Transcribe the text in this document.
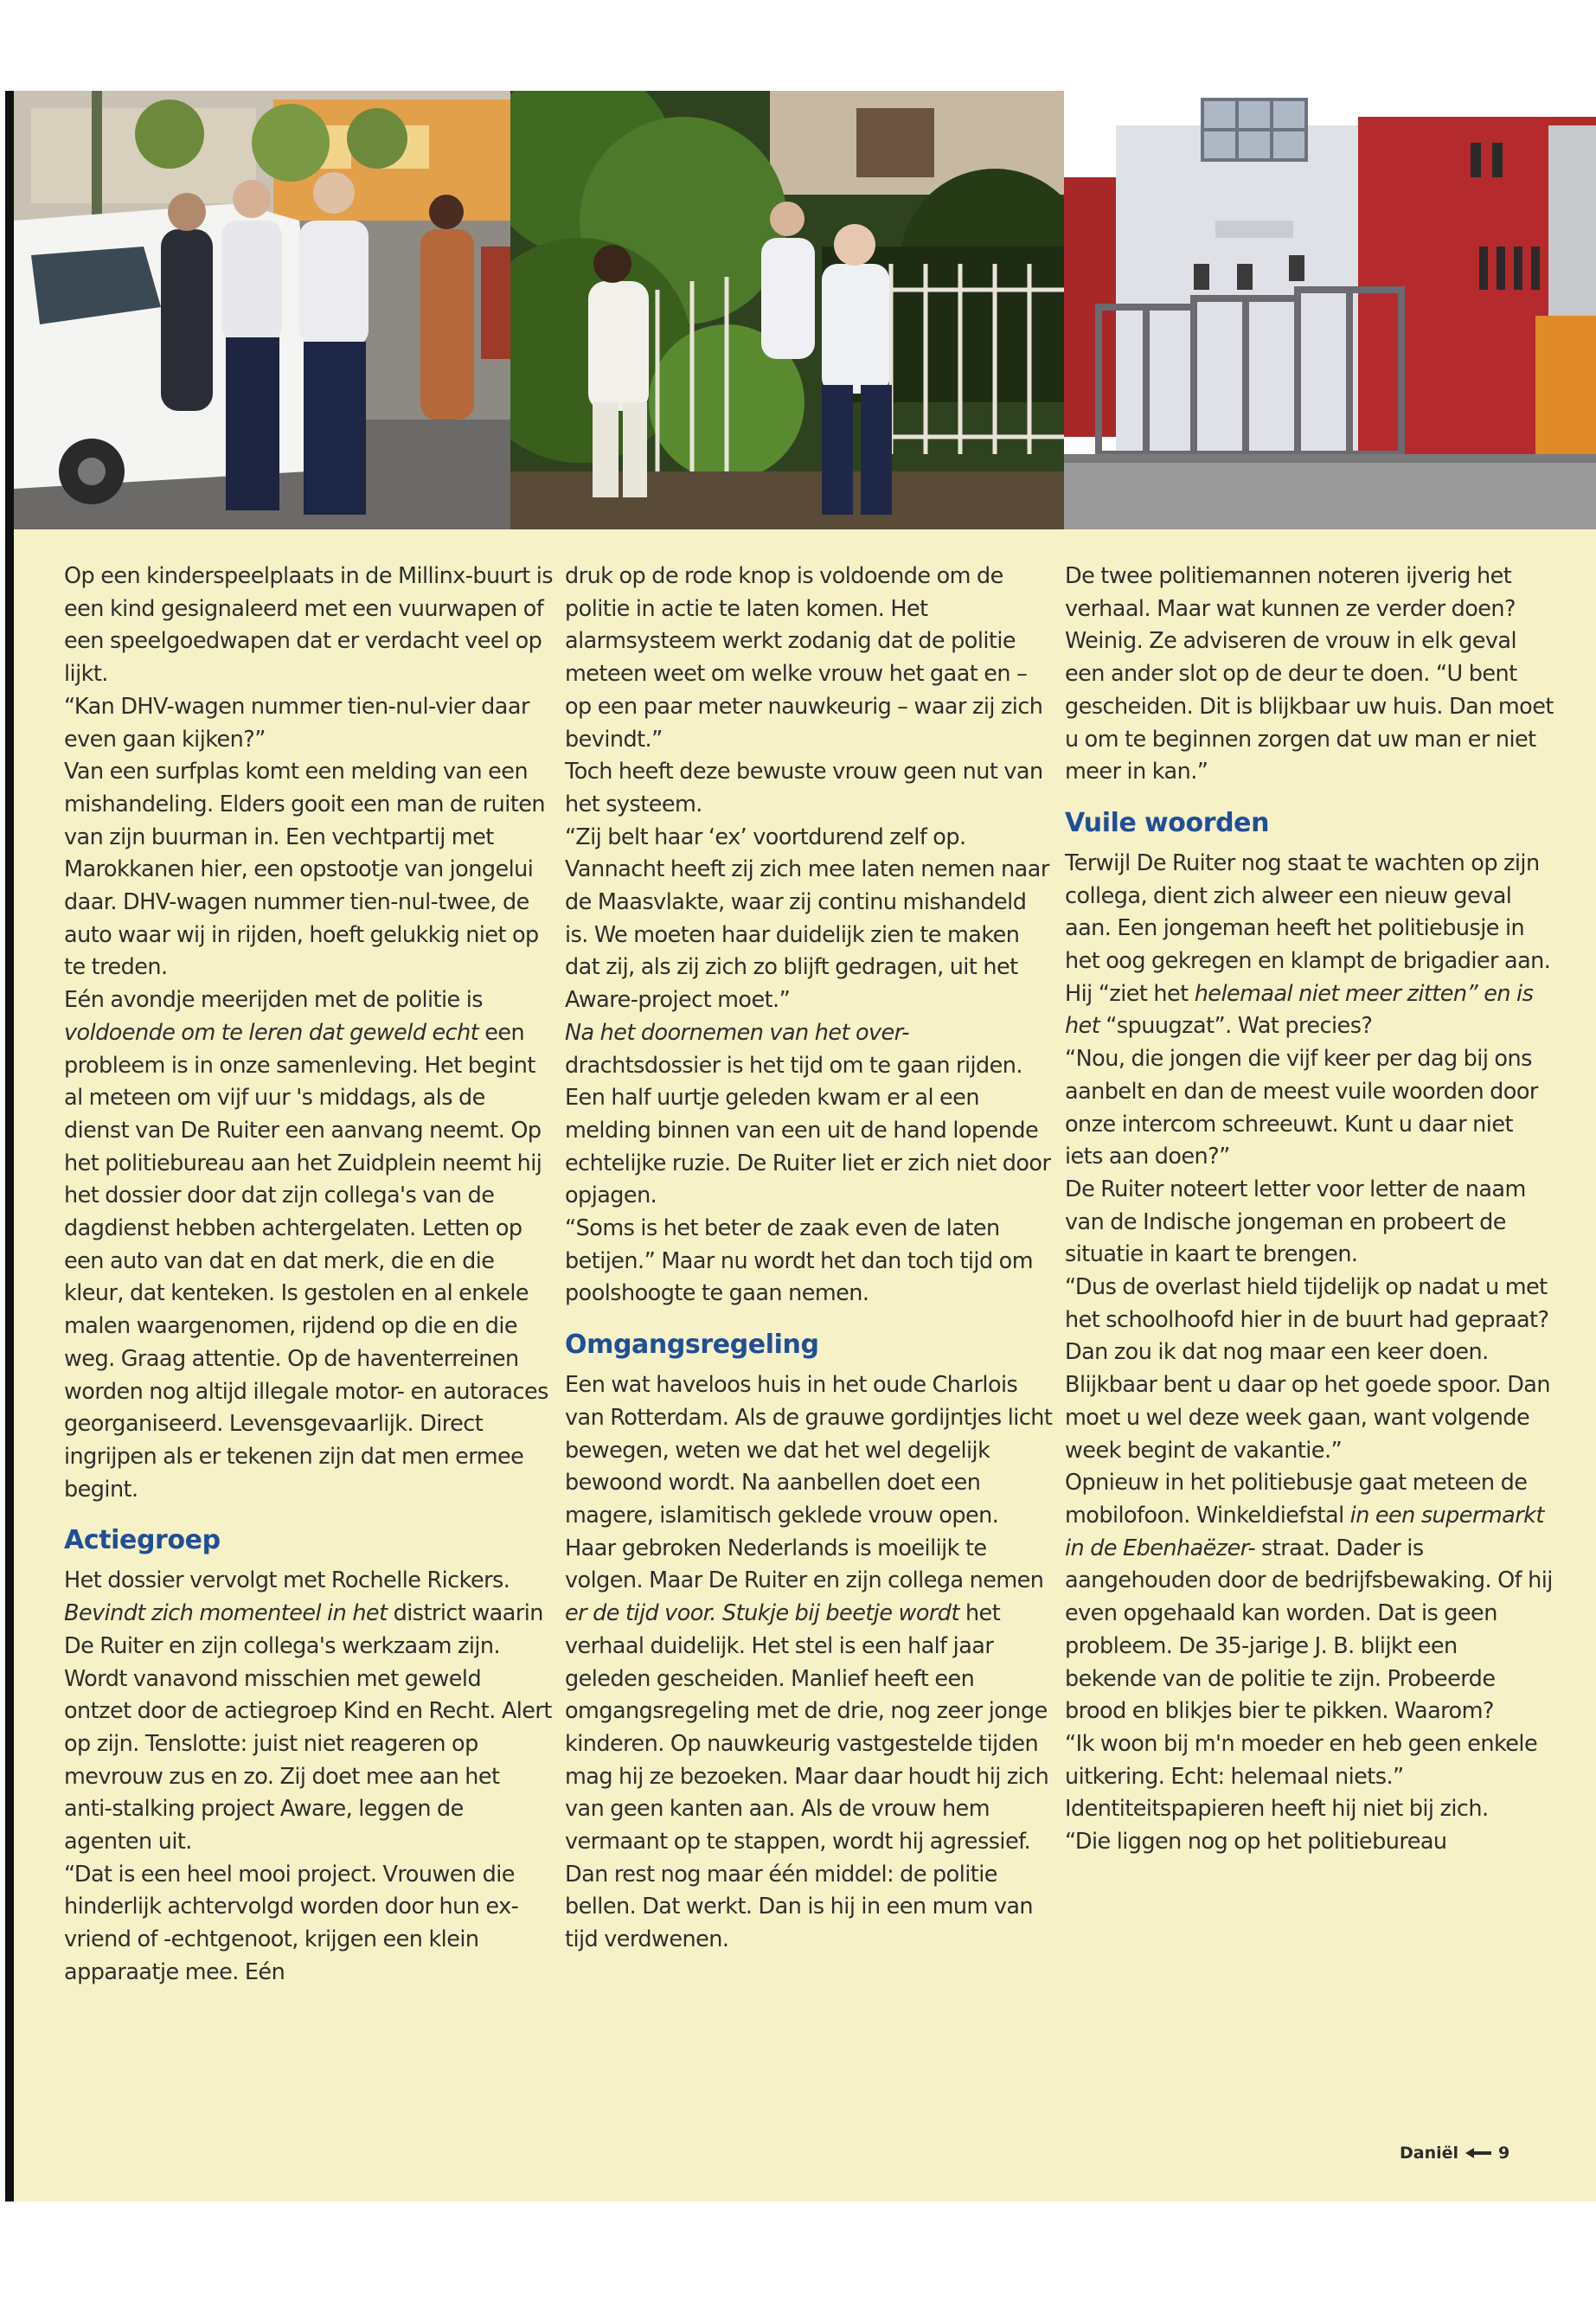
Op een kinderspeelplaats in de Millinx-buurt is een kind gesignaleerd met een vuurwapen of een speelgoedwapen dat er verdacht veel op lijkt.

“Kan DHV-wagen nummer tien-nul-vier daar even gaan kijken?”

Van een surfplas komt een melding van een mishandeling. Elders gooit een man de ruiten van zijn buurman in. Een vechtpartij met Marokkanen hier, een opstootje van jongelui daar. DHV-wagen nummer tien-nul-twee, de auto waar wij in rijden, hoeft gelukkig niet op te treden.

Eén avondje meerijden met de politie is voldoende om te leren dat geweld echt een probleem is in onze samenleving. Het begint al meteen om vijf uur 's middags, als de dienst van De Ruiter een aanvang neemt. Op het politiebureau aan het Zuidplein neemt hij het dossier door dat zijn collega's van de dagdienst hebben achtergelaten. Letten op een auto van dat en dat merk, die en die kleur, dat kenteken. Is gestolen en al enkele malen waargenomen, rijdend op die en die weg. Graag attentie. Op de haventerreinen worden nog altijd illegale motor- en autoraces georganiseerd. Levensgevaarlijk. Direct ingrijpen als er tekenen zijn dat men ermee begint.

Actiegroep

Het dossier vervolgt met Rochelle Rickers. Bevindt zich momenteel in het district waarin De Ruiter en zijn collega's werkzaam zijn. Wordt vanavond misschien met geweld ontzet door de actiegroep Kind en Recht. Alert op zijn. Tenslotte: juist niet reageren op mevrouw zus en zo. Zij doet mee aan het anti-stalking project Aware, leggen de agenten uit.

“Dat is een heel mooi project. Vrouwen die hinderlijk achtervolgd worden door hun ex-vriend of -echtgenoot, krijgen een klein apparaatje mee. Eén

druk op de rode knop is voldoende om de politie in actie te laten komen. Het alarmsysteem werkt zodanig dat de politie meteen weet om welke vrouw het gaat en – op een paar meter nauwkeurig – waar zij zich bevindt.”

Toch heeft deze bewuste vrouw geen nut van het systeem.

“Zij belt haar ‘ex’ voortdurend zelf op. Vannacht heeft zij zich mee laten nemen naar de Maasvlakte, waar zij continu mishandeld is. We moeten haar duidelijk zien te maken dat zij, als zij zich zo blijft gedragen, uit het Aware-project moet.”

Na het doornemen van het over- drachtsdossier is het tijd om te gaan rijden. Een half uurtje geleden kwam er al een melding binnen van een uit de hand lopende echtelijke ruzie. De Ruiter liet er zich niet door opjagen.

“Soms is het beter de zaak even de laten betijen.” Maar nu wordt het dan toch tijd om poolshoogte te gaan nemen.

Omgangsregeling

Een wat haveloos huis in het oude Charlois van Rotterdam. Als de grauwe gordijntjes licht bewegen, weten we dat het wel degelijk bewoond wordt. Na aanbellen doet een magere, islamitisch geklede vrouw open. Haar gebroken Nederlands is moeilijk te volgen. Maar De Ruiter en zijn collega nemen er de tijd voor. Stukje bij beetje wordt het verhaal duidelijk. Het stel is een half jaar geleden gescheiden. Manlief heeft een omgangsregeling met de drie, nog zeer jonge kinderen. Op nauwkeurig vastgestelde tijden mag hij ze bezoeken. Maar daar houdt hij zich van geen kanten aan. Als de vrouw hem vermaant op te stappen, wordt hij agressief. Dan rest nog maar één middel: de politie bellen. Dat werkt. Dan is hij in een mum van tijd verdwenen.

De twee politiemannen noteren ijverig het verhaal. Maar wat kunnen ze verder doen? Weinig. Ze adviseren de vrouw in elk geval een ander slot op de deur te doen. “U bent gescheiden. Dit is blijkbaar uw huis. Dan moet u om te beginnen zorgen dat uw man er niet meer in kan.”

Vuile woorden

Terwijl De Ruiter nog staat te wachten op zijn collega, dient zich alweer een nieuw geval aan. Een jongeman heeft het politiebusje in het oog gekregen en klampt de brigadier aan. Hij “ziet het helemaal niet meer zitten” en is het “spuugzat”. Wat precies?

“Nou, die jongen die vijf keer per dag bij ons aanbelt en dan de meest vuile woorden door onze intercom schreeuwt. Kunt u daar niet iets aan doen?”

De Ruiter noteert letter voor letter de naam van de Indische jongeman en probeert de situatie in kaart te brengen.

“Dus de overlast hield tijdelijk op nadat u met het schoolhoofd hier in de buurt had gepraat? Dan zou ik dat nog maar een keer doen. Blijkbaar bent u daar op het goede spoor. Dan moet u wel deze week gaan, want volgende week begint de vakantie.”

Opnieuw in het politiebusje gaat meteen de mobilofoon. Winkeldiefstal in een supermarkt in de Ebenhaëzer- straat. Dader is aangehouden door de bedrijfsbewaking. Of hij even opgehaald kan worden. Dat is geen probleem. De 35-jarige J. B. blijkt een bekende van de politie te zijn. Probeerde brood en blikjes bier te pikken. Waarom?

“Ik woon bij m'n moeder en heb geen enkele uitkering. Echt: helemaal niets.” Identiteitspapieren heeft hij niet bij zich.

“Die liggen nog op het politiebureau

Daniël 9
